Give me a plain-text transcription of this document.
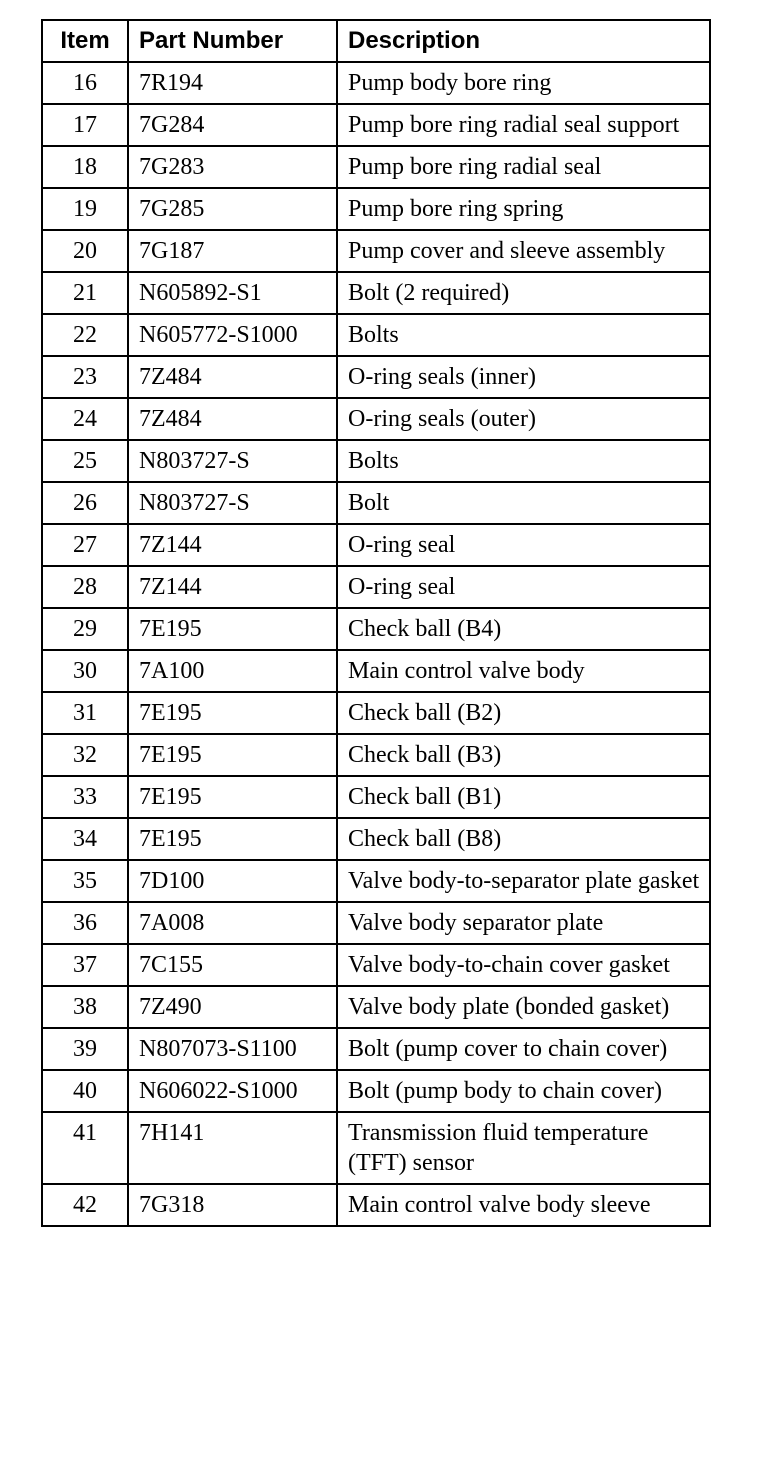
Item	Part Number	Description
16	7R194	Pump body bore ring
17	7G284	Pump bore ring radial seal support
18	7G283	Pump bore ring radial seal
19	7G285	Pump bore ring spring
20	7G187	Pump cover and sleeve assembly
21	N605892-S1	Bolt (2 required)
22	N605772-S1000	Bolts
23	7Z484	O-ring seals (inner)
24	7Z484	O-ring seals (outer)
25	N803727-S	Bolts
26	N803727-S	Bolt
27	7Z144	O-ring seal
28	7Z144	O-ring seal
29	7E195	Check ball (B4)
30	7A100	Main control valve body
31	7E195	Check ball (B2)
32	7E195	Check ball (B3)
33	7E195	Check ball (B1)
34	7E195	Check ball (B8)
35	7D100	Valve body-to-separator plate gasket
36	7A008	Valve body separator plate
37	7C155	Valve body-to-chain cover gasket
38	7Z490	Valve body plate (bonded gasket)
39	N807073-S1100	Bolt (pump cover to chain cover)
40	N606022-S1000	Bolt (pump body to chain cover)
41	7H141	Transmission fluid temperature (TFT) sensor
42	7G318	Main control valve body sleeve
